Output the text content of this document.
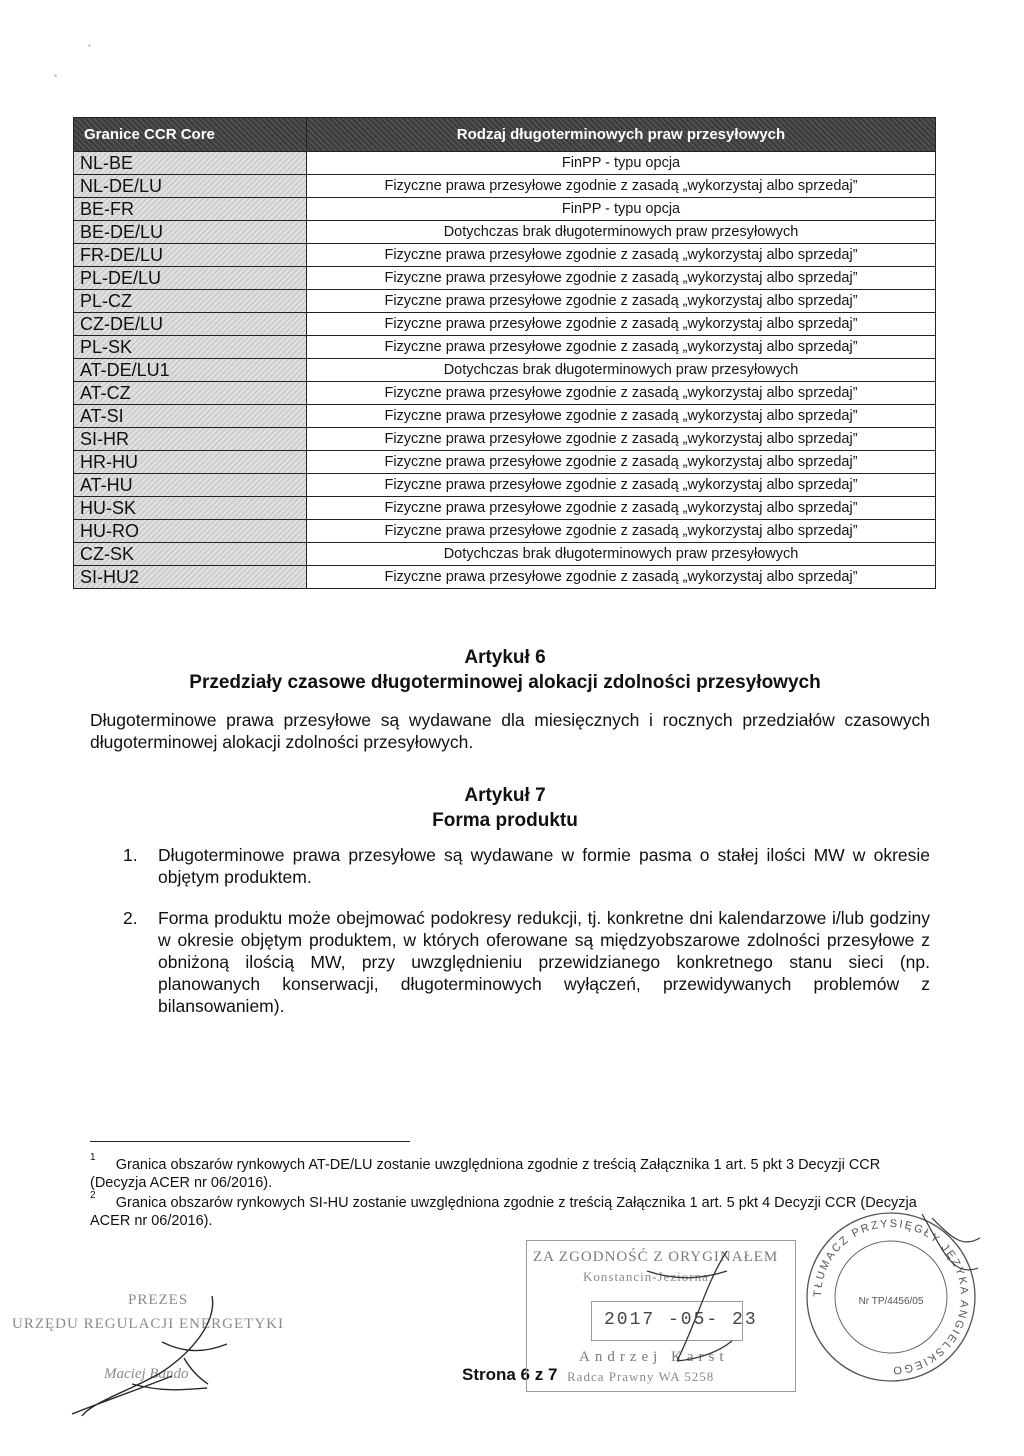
Granice CCR Core	Rodzaj długoterminowych praw przesyłowych
NL-BE	FinPP - typu opcja
NL-DE/LU	Fizyczne prawa przesyłowe zgodnie z zasadą „wykorzystaj albo sprzedaj”
BE-FR	FinPP - typu opcja
BE-DE/LU	Dotychczas brak długoterminowych praw przesyłowych
FR-DE/LU	Fizyczne prawa przesyłowe zgodnie z zasadą „wykorzystaj albo sprzedaj”
PL-DE/LU	Fizyczne prawa przesyłowe zgodnie z zasadą „wykorzystaj albo sprzedaj”
PL-CZ	Fizyczne prawa przesyłowe zgodnie z zasadą „wykorzystaj albo sprzedaj”
CZ-DE/LU	Fizyczne prawa przesyłowe zgodnie z zasadą „wykorzystaj albo sprzedaj”
PL-SK	Fizyczne prawa przesyłowe zgodnie z zasadą „wykorzystaj albo sprzedaj”
AT-DE/LU1	Dotychczas brak długoterminowych praw przesyłowych
AT-CZ	Fizyczne prawa przesyłowe zgodnie z zasadą „wykorzystaj albo sprzedaj”
AT-SI	Fizyczne prawa przesyłowe zgodnie z zasadą „wykorzystaj albo sprzedaj”
SI-HR	Fizyczne prawa przesyłowe zgodnie z zasadą „wykorzystaj albo sprzedaj”
HR-HU	Fizyczne prawa przesyłowe zgodnie z zasadą „wykorzystaj albo sprzedaj”
AT-HU	Fizyczne prawa przesyłowe zgodnie z zasadą „wykorzystaj albo sprzedaj”
HU-SK	Fizyczne prawa przesyłowe zgodnie z zasadą „wykorzystaj albo sprzedaj”
HU-RO	Fizyczne prawa przesyłowe zgodnie z zasadą „wykorzystaj albo sprzedaj”
CZ-SK	Dotychczas brak długoterminowych praw przesyłowych
SI-HU2	Fizyczne prawa przesyłowe zgodnie z zasadą „wykorzystaj albo sprzedaj”
Artykuł 6
Przedziały czasowe długoterminowej alokacji zdolności przesyłowych
Długoterminowe prawa przesyłowe są wydawane dla miesięcznych i rocznych przedziałów czasowych długoterminowej alokacji zdolności przesyłowych.
Artykuł 7
Forma produktu
1. Długoterminowe prawa przesyłowe są wydawane w formie pasma o stałej ilości MW w okresie objętym produktem.
2. Forma produktu może obejmować podokresy redukcji, tj. konkretne dni kalendarzowe i/lub godziny w okresie objętym produktem, w których oferowane są międzyobszarowe zdolności przesyłowe z obniżoną ilością MW, przy uwzględnieniu przewidzianego konkretnego stanu sieci (np. planowanych konserwacji, długoterminowych wyłączeń, przewidywanych problemów z bilansowaniem).
$^1$ Granica obszarów rynkowych AT-DE/LU zostanie uwzględniona zgodnie z treścią Załącznika 1 art. 5 pkt 3 Decyzji CCR (Decyzja ACER nr 06/2016).
$^2$ Granica obszarów rynkowych SI-HU zostanie uwzględniona zgodnie z treścią Załącznika 1 art. 5 pkt 4 Decyzji CCR (Decyzja ACER nr 06/2016).
PREZES
URZĘDU REGULACJI ENERGETYKI
Maciej Bando	Strona 6 z 7
ZA ZGODNOŚĆ Z ORYGINAŁEM
Konstancin-Jeziorna
2017 -05- 23
Andrzej Karst
Radca Prawny WA 5258
TŁUMACZ PRZYSIĘGŁY JĘZYKA ANGIELSKIEGO
Nr TP/4456/05
